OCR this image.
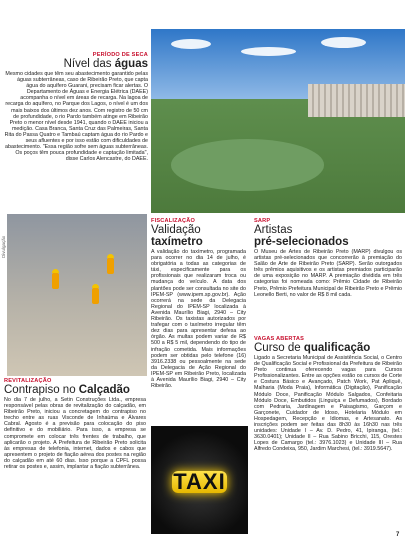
PERÍODO DE SECA
Nível das águas
Mesmo cidades que têm seu abastecimento garantido pelas águas subterrâneas, caso de Ribeirão Preto, que capta água do aquífero Guarani, precisam ficar alertas. O Departamento de Águas e Energia Elétrica (DAEE) acompanha o nível em áreas de recarga. Na lagoa de recarga do aquífero, no Parque dos Lagos, o nível é um dos mais baixos dos últimos dez anos. Com registro de 50 cm de profundidade, o rio Pardo também atinge em Ribeirão Preto o menor nível desde 1941, quando o DAEE iniciou a medição. Casa Branca, Santa Cruz das Palmeiras, Santa Rita do Passa Quatro e Tambaú captam água do rio Pardo e seus afluentes e por isso estão com dificuldades de abastecimento. "Essa região sofre sem águas subterrâneas. Os poços têm pouca profundidade e captação limitada", disse Carlos Alencastre, do DAEE.
Divulgação
REVITALIZAÇÃO
Contrapiso no Calçadão
No dia 7 de julho, a Setin Construções Ltda., empresa responsável pelas obras de revitalização do calçadão, em Ribeirão Preto, iniciou a concretagem do contrapiso no trecho entre as ruas Visconde de Inhaúma e Álvares Cabral. Agosto é a previsão para colocação do piso definitivo e do mobiliário. Para isso, a empresa se compromete em colocar três frentes de trabalho, que aplicarão o projeto. A Prefeitura de Ribeirão Preto solicita às empresas de telefonia, internet, dados e cabos que apresentem o projeto de fiação aérea dos postes na região do calçadão em até 60 dias. Isso porque a CPFL possa retirar os postes e, assim, implantar a fiação subterrânea.
FISCALIZAÇÃO
Validação
taxímetro
A validação do taxímetro, programada para ocorrer no dia 14 de julho, é obrigatória a todas as categorias de táxi, especificamente para os profissionais que realizaram troca ou mudança do veículo. A data dos plantões pode ser consultada no site do IPEM-SP (www.ipem.sp.gov.br). Ação ocorrerá na sede da Delegacia Regional do IPEM-SP localizada à Avenida Maurílio Biagi, 2940 – City Ribeirão. Os taxistas autorizados por trafegar com o taxímetro irregular têm dez dias para apresentar defesa ao órgão. As multas podem variar de R$ 500 a R$ 5 mil, dependendo do tipo de infração cometida. Mais informações podem ser obtidas pelo telefone (16) 3916.2338 ou pessoalmente na sede da Delegacia de Ação Regional do IPEM-SP em Ribeirão Preto, localizada à Avenida Maurílio Biagi, 2940 – City Ribeirão.
SARP
Artistas
pré-selecionados
O Museu de Artes de Ribeirão Preto (MARP) divulgou os artistas pré-selecionados que concorrerão à premiação do Salão de Arte de Ribeirão Preto (SARP). Serão outorgados três prêmios aquisitivos e os artistas premiados participarão de uma exposição no MARP. A premiação dividida em três categorias foi nomeada como: Prêmio Cidade de Ribeirão Preto, Prêmio Prefeitura Municipal de Ribeirão Preto e Prêmio Leonello Berti, no valor de R$ 8 mil cada.
VAGAS ABERTAS
Curso de qualificação
Ligado a Secretaria Municipal de Assistência Social, o Centro de Qualificação Social e Profissional da Prefeitura de Ribeirão Preto continua oferecendo vagas para Cursos Profissionalizantes. Entre as opções estão os cursos de Corte e Costura Básico e Avançado, Patch Work, Pat Apliquê, Malharia (Moda Praia), Informática (Digitação), Panificação Módulo Doce, Panificação Módulo Salgados, Confeitaria Módulo Doce, Embutidos (Linguiça e Defumados), Bordado com Pedraria, Jardinagem e Paisagismo, Garçom e Garçonete, Cuidador de Idoso, Hotelaria Módulo em Hospedagem, Recepção e Idiomas, e Artesanato. As inscrições podem ser feitas das 8h30 às 16h30 nas três unidades: Unidade I – Av. D. Pedro, 41, Ipiranga, (tel.: 3630.0401); Unidade II – Rua Sabino Bricchi, 115, Orestes Lopes de Camargo (tel.: 3976.1023) e Unidade III – Rua Alfredo Condeixa, 950, Jardim Marchesi, (tel.: 3919.5647).
TAXI
7
